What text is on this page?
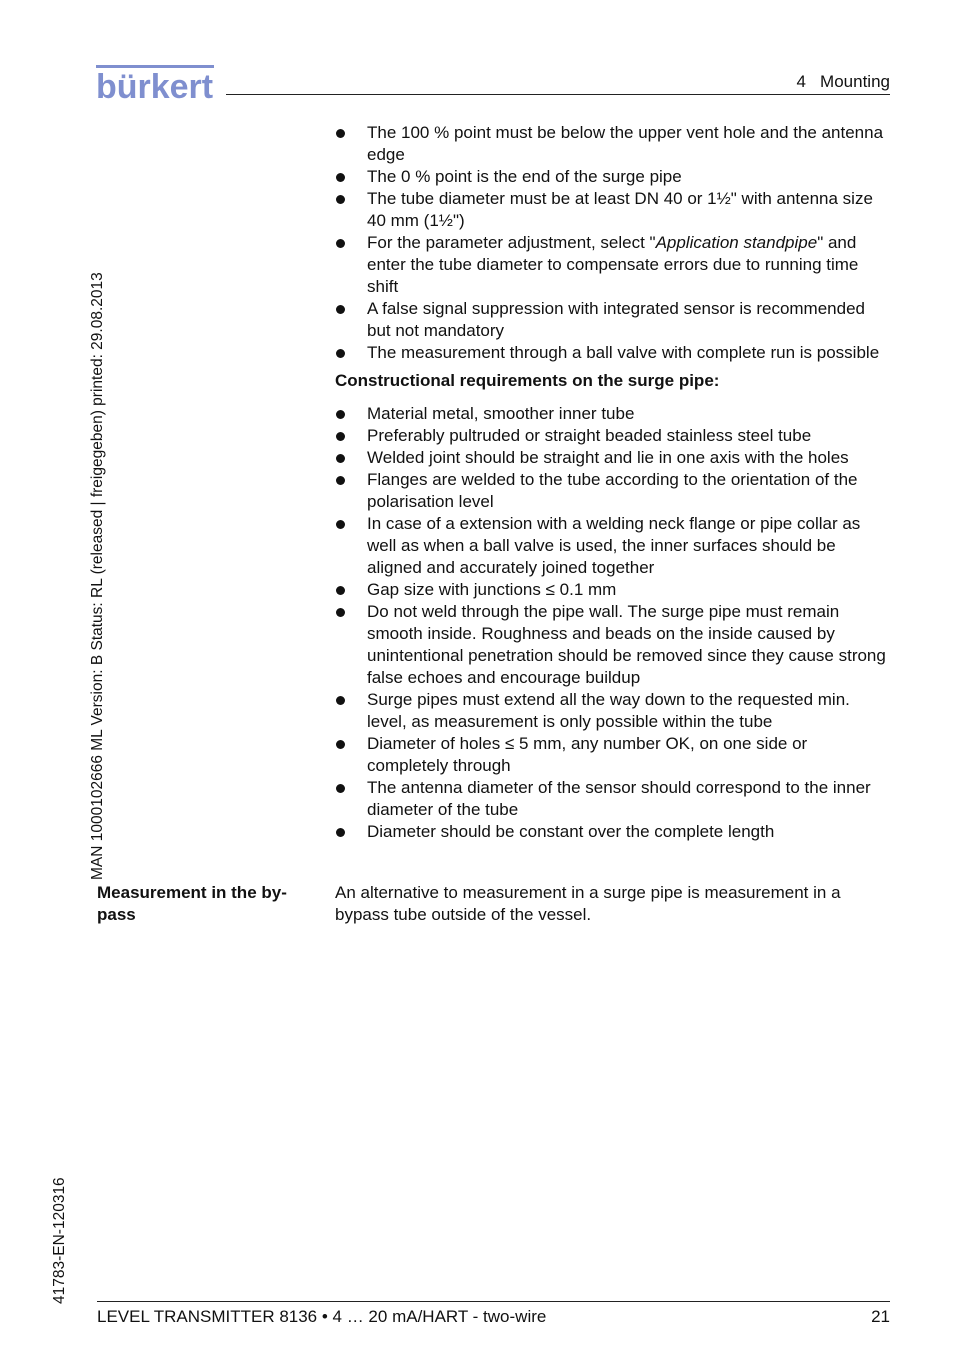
bürkert	4   Mounting
MAN 1000102666 ML Version: B Status: RL (released | freigegeben) printed: 29.08.2013
41783-EN-120316
The 100 % point must be below the upper vent hole and the antenna edge
The 0 % point is the end of the surge pipe
The tube diameter must be at least DN 40 or 1½" with antenna size 40 mm (1½")
For the parameter adjustment, select "Application standpipe" and enter the tube diameter to compensate errors due to running time shift
A false signal suppression with integrated sensor is recommended but not mandatory
The measurement through a ball valve with complete run is possible
Constructional requirements on the surge pipe:
Material metal, smoother inner tube
Preferably pultruded or straight beaded stainless steel tube
Welded joint should be straight and lie in one axis with the holes
Flanges are welded to the tube according to the orientation of the polarisation level
In case of a extension with a welding neck flange or pipe collar as well as when a ball valve is used, the inner surfaces should be aligned and accurately joined together
Gap size with junctions ≤ 0.1 mm
Do not weld through the pipe wall. The surge pipe must remain smooth inside. Roughness and beads on the inside caused by unintentional penetration should be removed since they cause strong false echoes and encourage buildup
Surge pipes must extend all the way down to the requested min. level, as measurement is only possible within the tube
Diameter of holes ≤ 5 mm, any number OK, on one side or completely through
The antenna diameter of the sensor should correspond to the inner diameter of the tube
Diameter should be constant over the complete length
Measurement in the by-pass
An alternative to measurement in a surge pipe is measurement in a bypass tube outside of the vessel.
LEVEL TRANSMITTER 8136 • 4 … 20 mA/HART - two-wire	21
